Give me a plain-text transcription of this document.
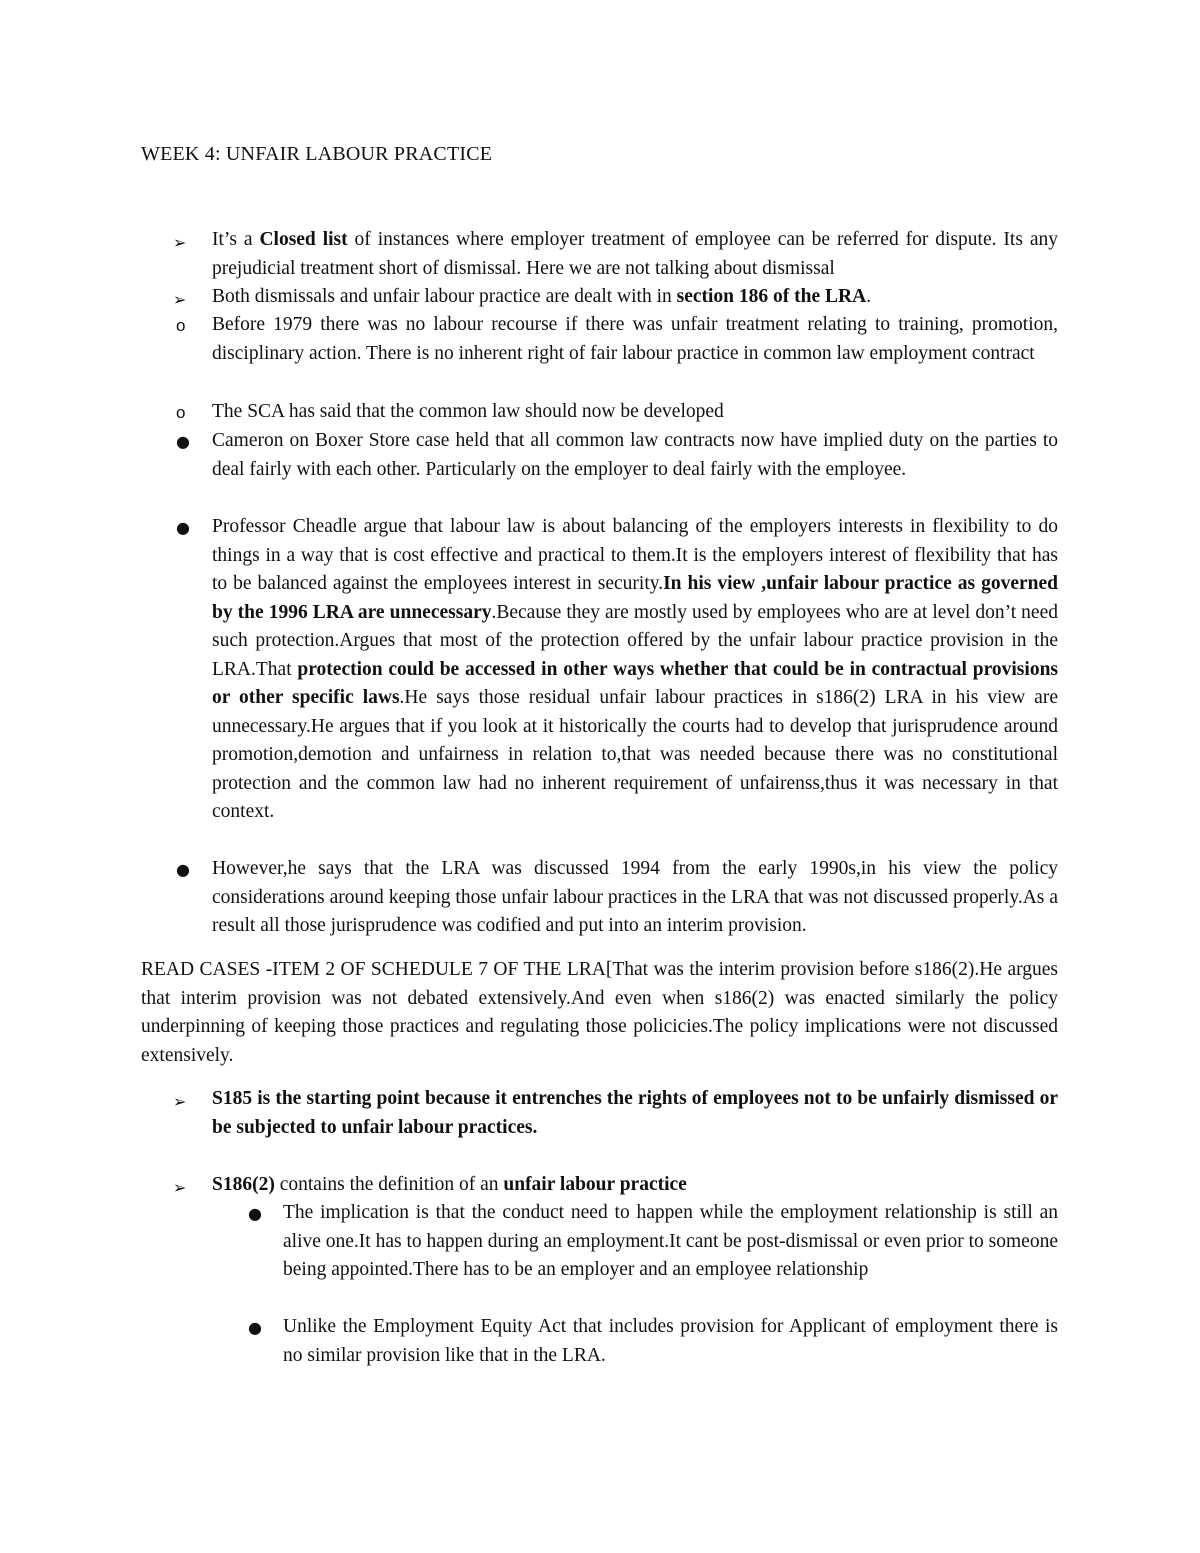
WEEK 4: UNFAIR LABOUR PRACTICE
➢	It’s a Closed list of instances where employer treatment of employee can be referred for dispute. Its any prejudicial treatment short of dismissal. Here we are not talking about dismissal
➢	Both dismissals and unfair labour practice are dealt with in section 186 of the LRA.
o	Before 1979 there was no labour recourse if there was unfair treatment relating to training, promotion, disciplinary action. There is no inherent right of fair labour practice in common law employment contract
o	The SCA has said that the common law should now be developed
●	Cameron on Boxer Store case held that all common law contracts now have implied duty on the parties to deal fairly with each other. Particularly on the employer to deal fairly with the employee.
●	Professor Cheadle argue that labour law is about balancing of the employers interests in flexibility to do things in a way that is cost effective and practical to them.It is the employers interest of flexibility that has to be balanced against the employees interest in security.In his view ,unfair labour practice as governed by the 1996 LRA are unnecessary.Because they are mostly used by employees who are at level don’t need such protection.Argues that most of the protection offered by the unfair labour practice provision in the LRA.That protection could be accessed in other ways whether that could be in contractual provisions or other specific laws.He says those residual unfair labour practices in s186(2) LRA in his view are unnecessary.He argues that if you look at it historically the courts had to develop that jurisprudence around promotion,demotion and unfairness in relation to,that was needed because there was no constitutional protection and the common law had no inherent requirement of unfairenss,thus it was necessary in that context.
●	However,he says that the LRA was discussed 1994 from the early 1990s,in his view the policy considerations around keeping those unfair labour practices in the LRA that was not discussed properly.As a result all those jurisprudence was codified and put into an interim provision.
READ CASES -ITEM 2 OF SCHEDULE 7 OF THE LRA[That was the interim provision before s186(2).He argues that interim provision was not debated extensively.And even when s186(2) was enacted similarly the policy underpinning of keeping those practices and regulating those policicies.The policy implications were not discussed extensively.
➢	S185 is the starting point because it entrenches the rights of employees not to be unfairly dismissed or be subjected to unfair labour practices.
➢	S186(2) contains the definition of an unfair labour practice
●	The implication is that the conduct need to happen while the employment relationship is still an alive one.It has to happen during an employment.It cant be post-dismissal or even prior to someone being appointed.There has to be an employer and an employee relationship
●	Unlike the Employment Equity Act that includes provision for Applicant of employment there is no similar provision like that in the LRA.
